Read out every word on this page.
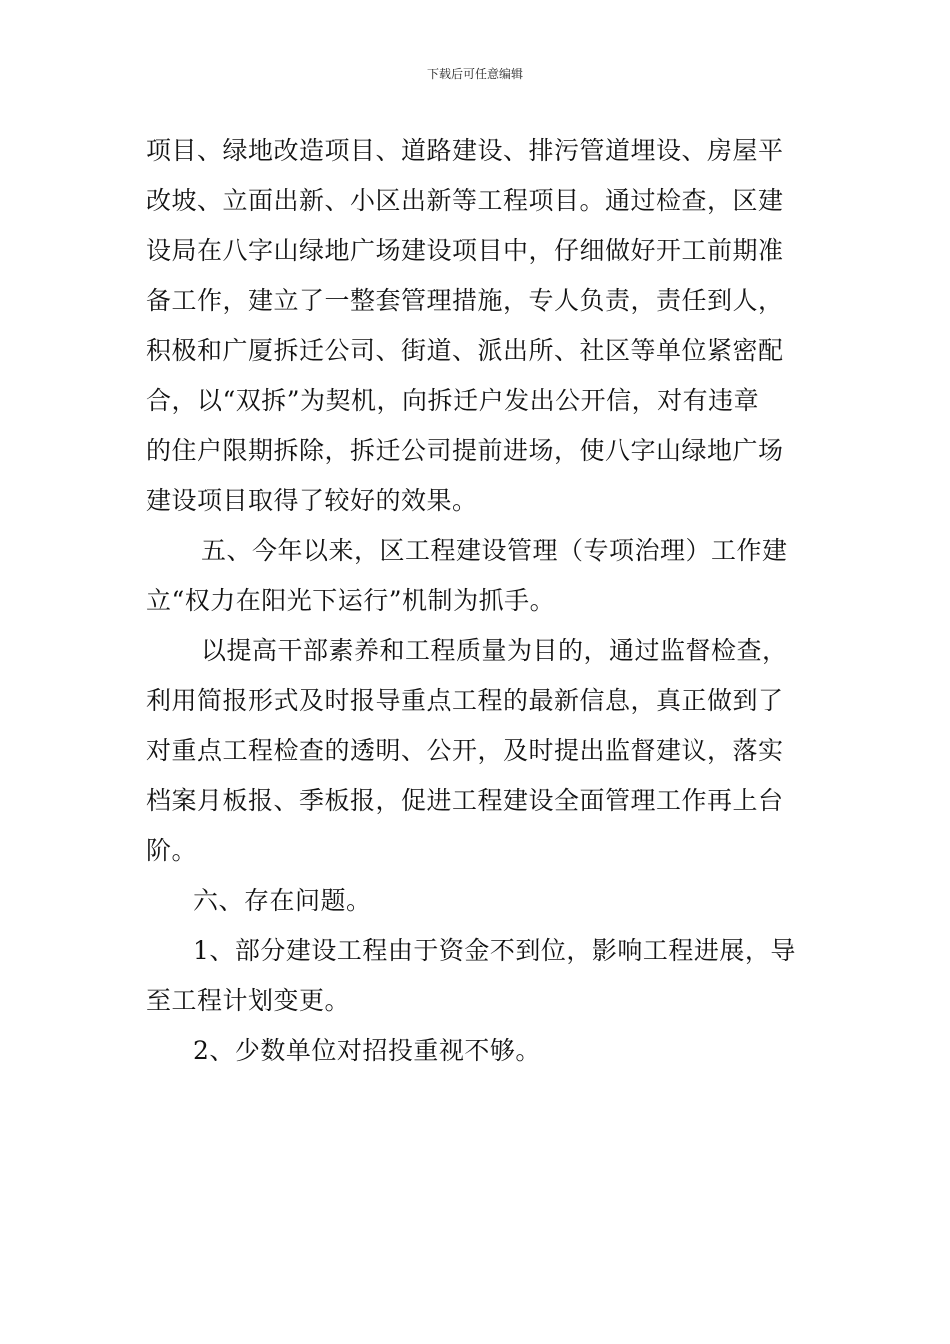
下载后可任意编辑
项目、绿地改造项目、道路建设、排污管道埋设、房屋平
改坡、立面出新、小区出新等工程项目。通过检查，区建
设局在八字山绿地广场建设项目中，仔细做好开工前期准
备工作，建立了一整套管理措施，专人负责，责任到人，
积极和广厦拆迁公司、街道、派出所、社区等单位紧密配
合，以“双拆”为契机，向拆迁户发出公开信，对有违章
的住户限期拆除，拆迁公司提前进场，使八字山绿地广场
建设项目取得了较好的效果。
五、今年以来，区工程建设管理（专项治理）工作建
立“权力在阳光下运行”机制为抓手。
以提高干部素养和工程质量为目的，通过监督检查，
利用简报形式及时报导重点工程的最新信息，真正做到了
对重点工程检查的透明、公开，及时提出监督建议，落实
档案月板报、季板报，促进工程建设全面管理工作再上台
阶。
六、存在问题。
1、部分建设工程由于资金不到位，影响工程进展，导
至工程计划变更。
2、少数单位对招投重视不够。
